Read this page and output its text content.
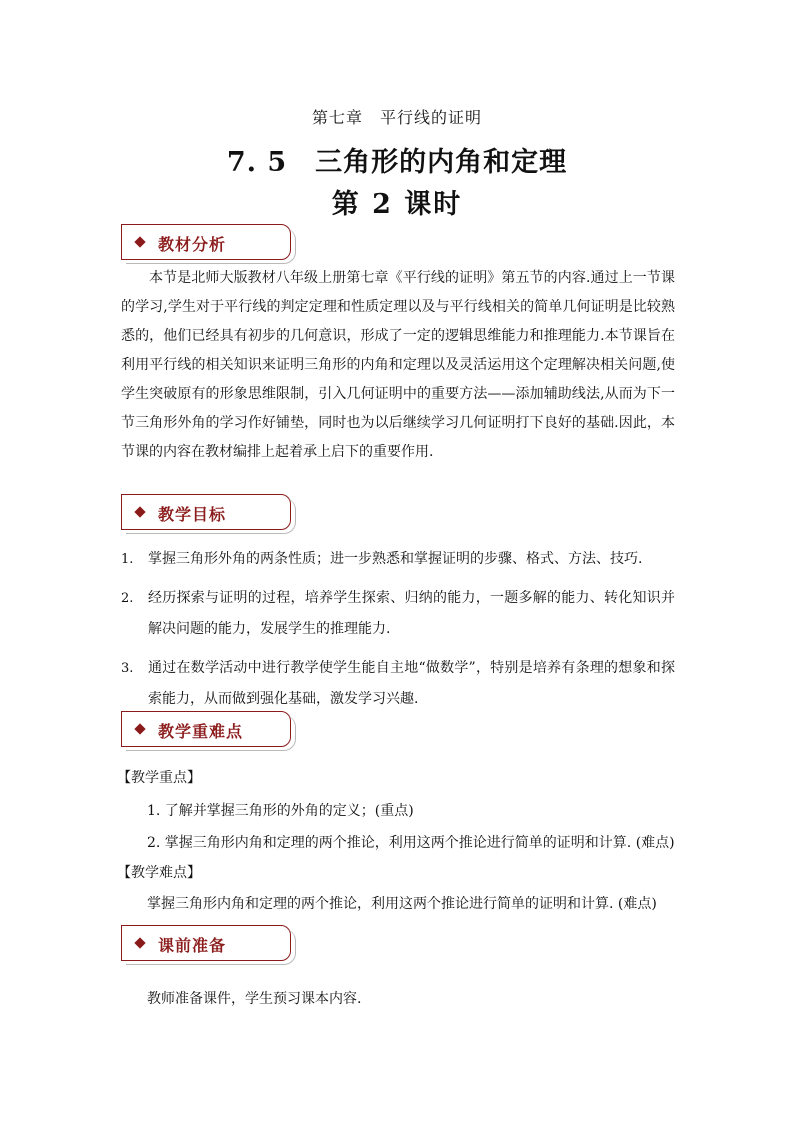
第七章　平行线的证明
7. 5　三角形的内角和定理
第 2 课时
教材分析
本节是北师大版教材八年级上册第七章《平行线的证明》第五节的内容.通过上一节课的学习,学生对于平行线的判定定理和性质定理以及与平行线相关的简单几何证明是比较熟悉的，他们已经具有初步的几何意识，形成了一定的逻辑思维能力和推理能力.本节课旨在利用平行线的相关知识来证明三角形的内角和定理以及灵活运用这个定理解决相关问题,使学生突破原有的形象思维限制，引入几何证明中的重要方法——添加辅助线法,从而为下一节三角形外角的学习作好铺垫，同时也为以后继续学习几何证明打下良好的基础.因此，本节课的内容在教材编排上起着承上启下的重要作用.
教学目标
1. 掌握三角形外角的两条性质；进一步熟悉和掌握证明的步骤、格式、方法、技巧.
2. 经历探索与证明的过程，培养学生探索、归纳的能力，一题多解的能力、转化知识并解决问题的能力，发展学生的推理能力.
3. 通过在数学活动中进行教学使学生能自主地“做数学”，特别是培养有条理的想象和探索能力，从而做到强化基础，激发学习兴趣.
教学重难点
【教学重点】
1. 了解并掌握三角形的外角的定义；(重点)
2. 掌握三角形内角和定理的两个推论，利用这两个推论进行简单的证明和计算. (难点)
【教学难点】
掌握三角形内角和定理的两个推论，利用这两个推论进行简单的证明和计算. (难点)
课前准备
教师准备课件，学生预习课本内容.
